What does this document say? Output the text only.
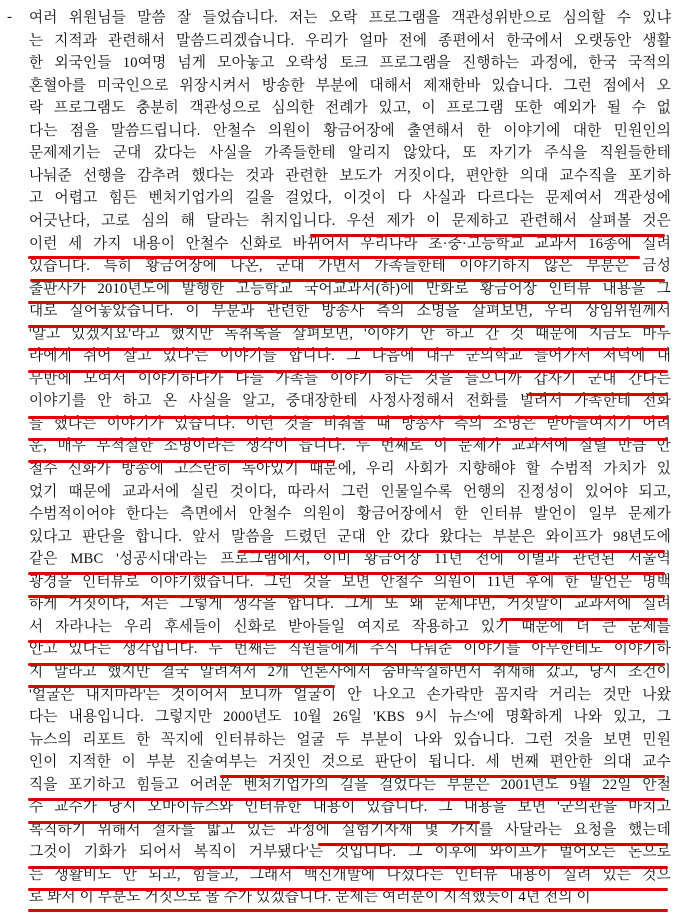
- 여러 위원님들 말씀 잘 들었습니다. 저는 오락 프로그램을 객관성위반으로 심의할 수 있냐
는 지적과 관련해서 말씀드리겠습니다. 우리가 얼마 전에 종편에서 한국에서 오랫동안 생활
한 외국인들 10여명 넘게 모아놓고 오락성 토크 프로그램을 진행하는 과정에, 한국 국적의
혼혈아를 미국인으로 위장시켜서 방송한 부분에 대해서 제재한바 있습니다. 그런 점에서 오
락 프로그램도 충분히 객관성으로 심의한 전례가 있고, 이 프로그램 또한 예외가 될 수 없
다는 점을 말씀드립니다. 안철수 의원이 황금어장에 출연해서 한 이야기에 대한 민원인의
문제제기는 군대 갔다는 사실을 가족들한테 알리지 않았다, 또 자기가 주식을 직원들한테
나눠준 선행을 감추려 했다는 것과 관련한 보도가 거짓이다, 편안한 의대 교수직을 포기하
고 어렵고 힘든 벤처기업가의 길을 걸었다, 이것이 다 사실과 다르다는 문제여서 객관성에
어긋난다, 고로 심의 해 달라는 취지입니다. 우선 제가 이 문제하고 관련해서 살펴볼 것은
이런 세 가지 내용이 안철수 신화로 바뀌어서 우리나라 초·중·고등학교 교과서 16종에 실려
있습니다. 특히 황금어장에 나온, 군대 가면서 가족들한테 이야기하지 않은 부분은 금성
출판사가 2010년도에 발행한 고등학교 국어교과서(하)에 만화로 황금어장 인터뷰 내용을 그
대로 실어놓았습니다. 이 부분과 관련한 방송사 측의 소명을 살펴보면, 우리 상임위원께서
'알고 있겠지요'라고 했지만 녹취록을 살펴보면, '이야기 안 하고 간 것 때문에 지금도 마누
라에게 쥐어 살고 있다'는 이야기를 합니다. 그 다음에 대구 군의학교 들어가서 저녁에 내
무반에 모여서 이야기하다가 다들 가족들 이야기 하는 것을 들으니까 갑자기 군대 간다는
이야기를 안 하고 온 사실을 알고, 중대장한테 사정사정해서 전화를 빌려서 가족한테 전화
를 했다는 이야기가 있습니다. 이런 것을 비춰볼 때 방송사 측의 소명은 받아들여지기 어려
운, 매우 부적절한 소명이라는 생각이 듭니다. 두 번째로 이 문제가 교과서에 실릴 만큼 안
철수 신화가 방송에 고스란히 녹아있기 때문에, 우리 사회가 지향해야 할 수범적 가치가 있
었기 때문에 교과서에 실린 것이다, 따라서 그런 인물일수록 언행의 진정성이 있어야 되고,
수범적이어야 한다는 측면에서 안철수 의원이 황금어장에서 한 인터뷰 발언이 일부 문제가
있다고 판단을 합니다. 앞서 말씀을 드렸던 군대 안 갔다 왔다는 부분은 와이프가 98년도에
같은 MBC '성공시대'라는 프로그램에서, 이미 황금어장 11년 전에 이별과 관련된 서울역
광경을 인터뷰로 이야기했습니다. 그런 것을 보면 안철수 의원이 11년 후에 한 발언은 명백
하게 거짓이다, 저는 그렇게 생각을 합니다. 그게 또 왜 문제냐면, 거짓말이 교과서에 실려
서 자라나는 우리 후세들이 신화로 받아들일 여지로 작용하고 있기 때문에 더 큰 문제를
안고 있다는 생각입니다. 두 번째는 직원들에게 주식 나눠준 이야기를 아무한테도 이야기하
지 말라고 했지만 결국 알려져서 2개 언론사에서 숨바꼭질하면서 취재해 갔고, 당시 조건이
'얼굴은 내지마라'는 것이어서 보니까 얼굴이 안 나오고 손가락만 꼼지락 거리는 것만 나왔
다는 내용입니다. 그렇지만 2000년도 10월 26일 'KBS 9시 뉴스'에 명확하게 나와 있고, 그
뉴스의 리포트 한 꼭지에 인터뷰하는 얼굴 두 부분이 나와 있습니다. 그런 것을 보면 민원
인이 지적한 이 부분 진술여부는 거짓인 것으로 판단이 됩니다. 세 번째 편안한 의대 교수
직을 포기하고 힘들고 어려운 벤처기업가의 길을 걸었다는 부분은 2001년도 9월 22일 안철
수 교수가 당시 오마이뉴스와 인터뷰한 내용이 있습니다. 그 내용을 보면 '군의관을 마치고
복직하기 위해서 절차를 밟고 있는 과정에 실험기자재 몇 가지를 사달라는 요청을 했는데
그것이 기화가 되어서 복직이 거부됐다'는 것입니다. 그 이후에 와이프가 벌어오는 돈으로
는 생활비도 안 되고, 힘들고, 그래서 백신개발에 나섰다는 인터뷰 내용이 실려 있는 것으
로 봐서 이 부분도 거짓으로 볼 수가 있겠습니다. 문제는 여러분이 지적했듯이 4년 전의 이
